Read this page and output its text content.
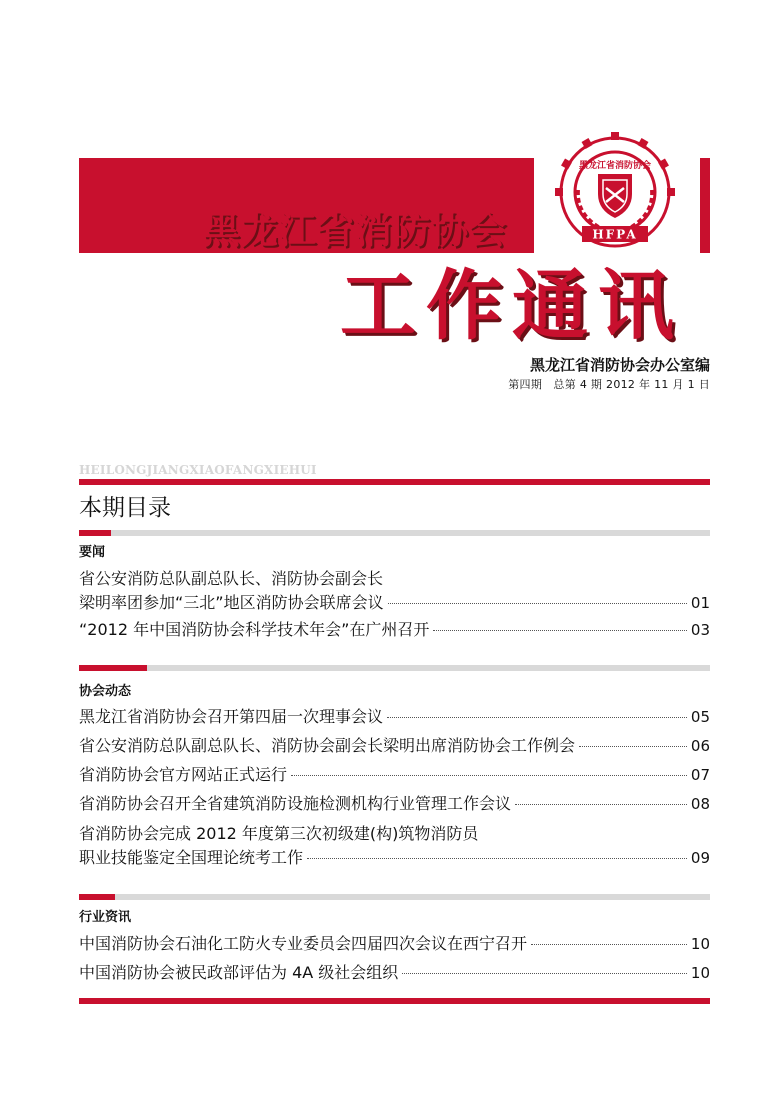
黑龙江省消防协会	HFPA
黑龙江省消防协会
工作通讯
黑龙江省消防协会办公室编
第四期　总第 4 期 2012 年 11 月 1 日
HEILONGJIANGXIAOFANGXIEHUI
本期目录
要闻
省公安消防总队副总队长、消防协会副会长
梁明率团参加“三北”地区消防协会联席会议	01
“2012 年中国消防协会科学技术年会”在广州召开	03
协会动态
黑龙江省消防协会召开第四届一次理事会议	05
省公安消防总队副总队长、消防协会副会长梁明出席消防协会工作例会	06
省消防协会官方网站正式运行	07
省消防协会召开全省建筑消防设施检测机构行业管理工作会议	08
省消防协会完成 2012 年度第三次初级建(构)筑物消防员
职业技能鉴定全国理论统考工作	09
行业资讯
中国消防协会石油化工防火专业委员会四届四次会议在西宁召开	10
中国消防协会被民政部评估为 4A 级社会组织	10
